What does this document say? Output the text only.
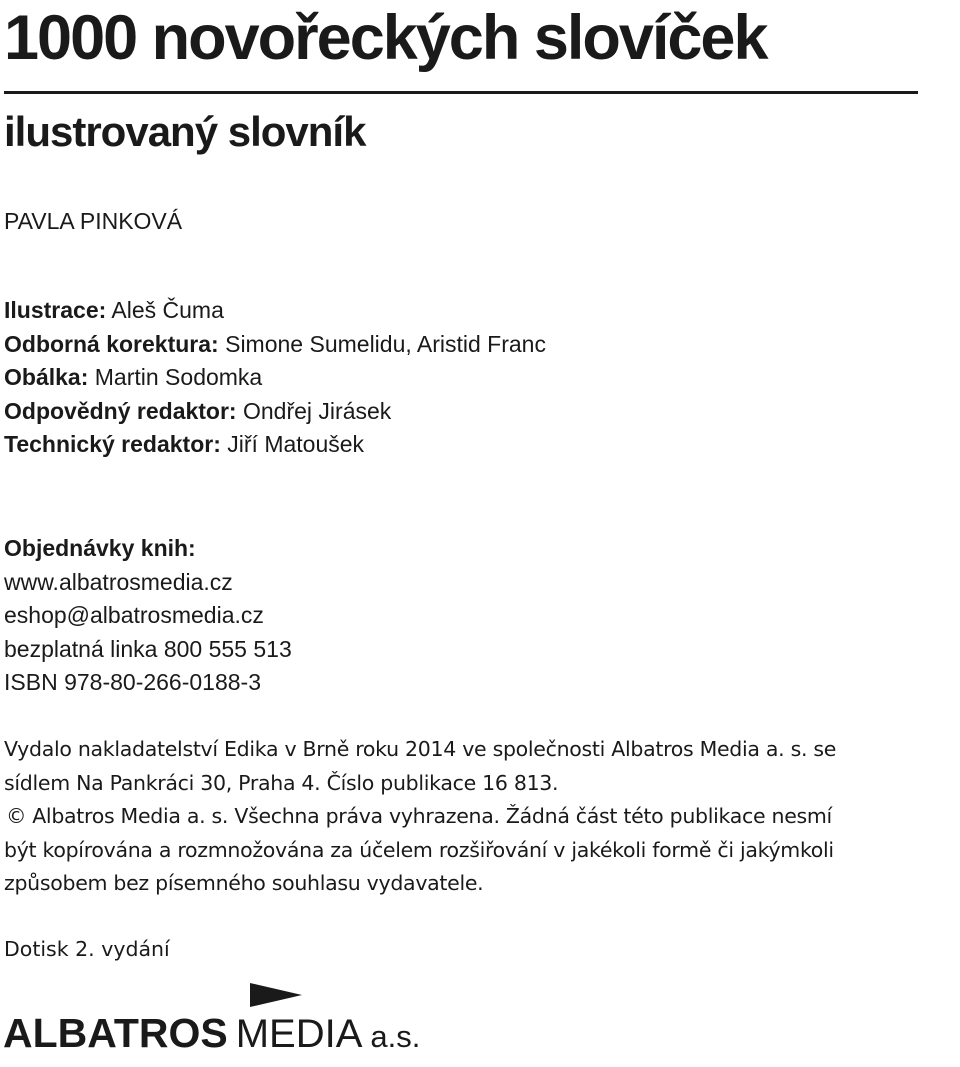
1000 novořeckých slovíček
ilustrovaný slovník
PAVLA PINKOVÁ
Ilustrace: Aleš Čuma
Odborná korektura: Simone Sumelidu, Aristid Franc
Obálka: Martin Sodomka
Odpovědný redaktor: Ondřej Jirásek
Technický redaktor: Jiří Matoušek
Objednávky knih:
www.albatrosmedia.cz
eshop@albatrosmedia.cz
bezplatná linka 800 555 513
ISBN 978-80-266-0188-3
Vydalo nakladatelství Edika v Brně roku 2014 ve společnosti Albatros Media a. s. se
sídlem Na Pankráci 30, Praha 4. Číslo publikace 16 813.
© Albatros Media a. s. Všechna práva vyhrazena. Žádná část této publikace nesmí
být kopírována a rozmnožována za účelem rozšiřování v jakékoli formě či jakýmkoli
způsobem bez písemného souhlasu vydavatele.
Dotisk 2. vydání
ALBATROS MEDIA a.s.
